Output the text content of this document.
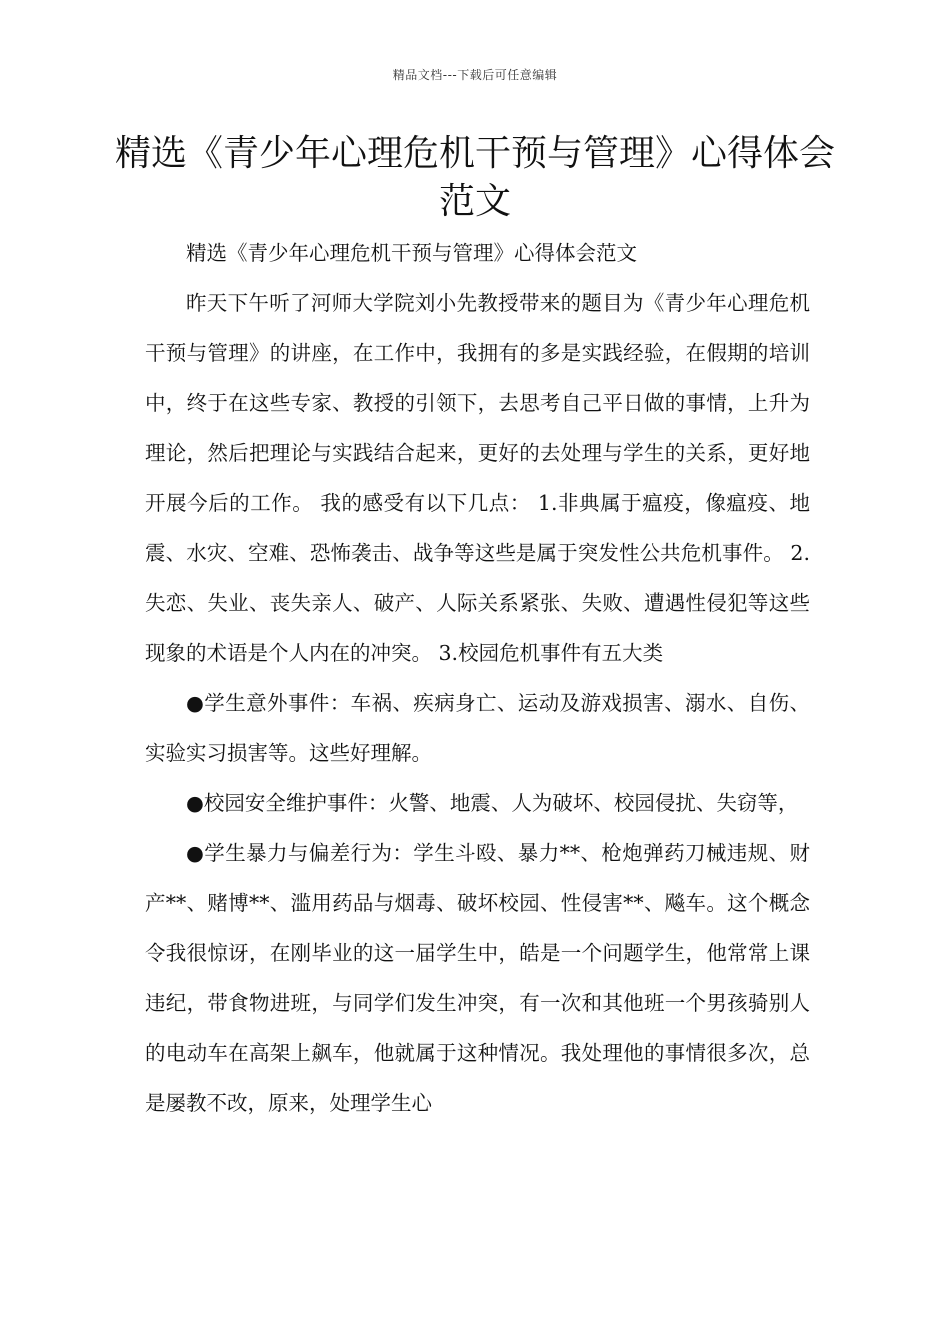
精品文档---下载后可任意编辑
精选《青少年心理危机干预与管理》心得体会范文

精选《青少年心理危机干预与管理》心得体会范文

昨天下午听了河师大学院刘小先教授带来的题目为《青少年心理危机干预与管理》的讲座，在工作中，我拥有的多是实践经验，在假期的培训中，终于在这些专家、教授的引领下，去思考自己平日做的事情，上升为理论，然后把理论与实践结合起来，更好的去处理与学生的关系，更好地开展今后的工作。 我的感受有以下几点： 1.非典属于瘟疫，像瘟疫、地震、水灾、空难、恐怖袭击、战争等这些是属于突发性公共危机事件。 2.失恋、失业、丧失亲人、破产、人际关系紧张、失败、遭遇性侵犯等这些现象的术语是个人内在的冲突。 3.校园危机事件有五大类

●学生意外事件：车祸、疾病身亡、运动及游戏损害、溺水、自伤、实验实习损害等。这些好理解。

●校园安全维护事件：火警、地震、人为破坏、校园侵扰、失窃等，

●学生暴力与偏差行为：学生斗殴、暴力**、枪炮弹药刀械违规、财产**、赌博**、滥用药品与烟毒、破坏校园、性侵害**、飚车。这个概念令我很惊讶，在刚毕业的这一届学生中，皓是一个问题学生，他常常上课违纪，带食物进班，与同学们发生冲突，有一次和其他班一个男孩骑别人的电动车在高架上飙车，他就属于这种情况。我处理他的事情很多次，总是屡教不改，原来，处理学生心
